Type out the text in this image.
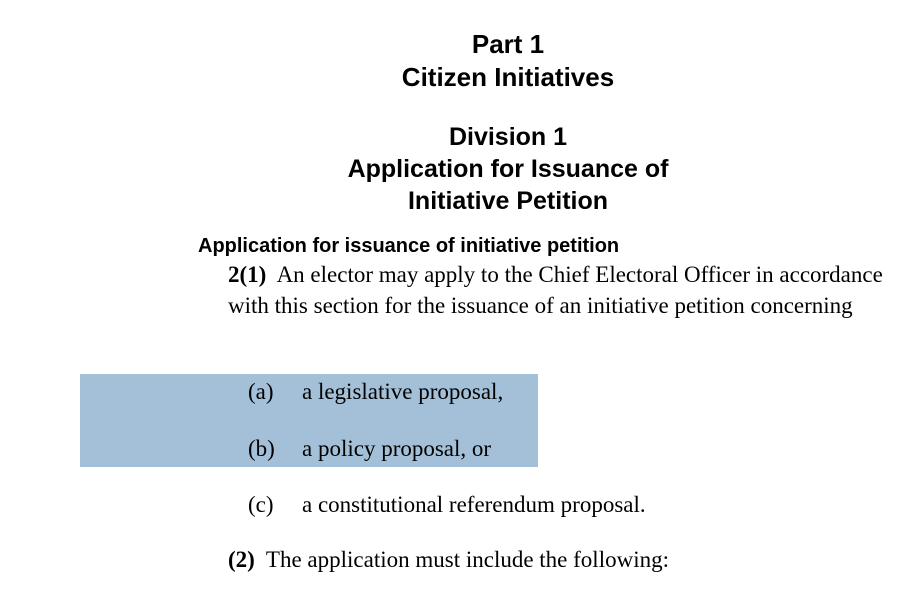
Part 1
Citizen Initiatives
Division 1
Application for Issuance of
Initiative Petition
Application for issuance of initiative petition
2(1) An elector may apply to the Chief Electoral Officer in accordance with this section for the issuance of an initiative petition concerning
(a) a legislative proposal,
(b) a policy proposal, or
(c) a constitutional referendum proposal.
(2) The application must include the following:
